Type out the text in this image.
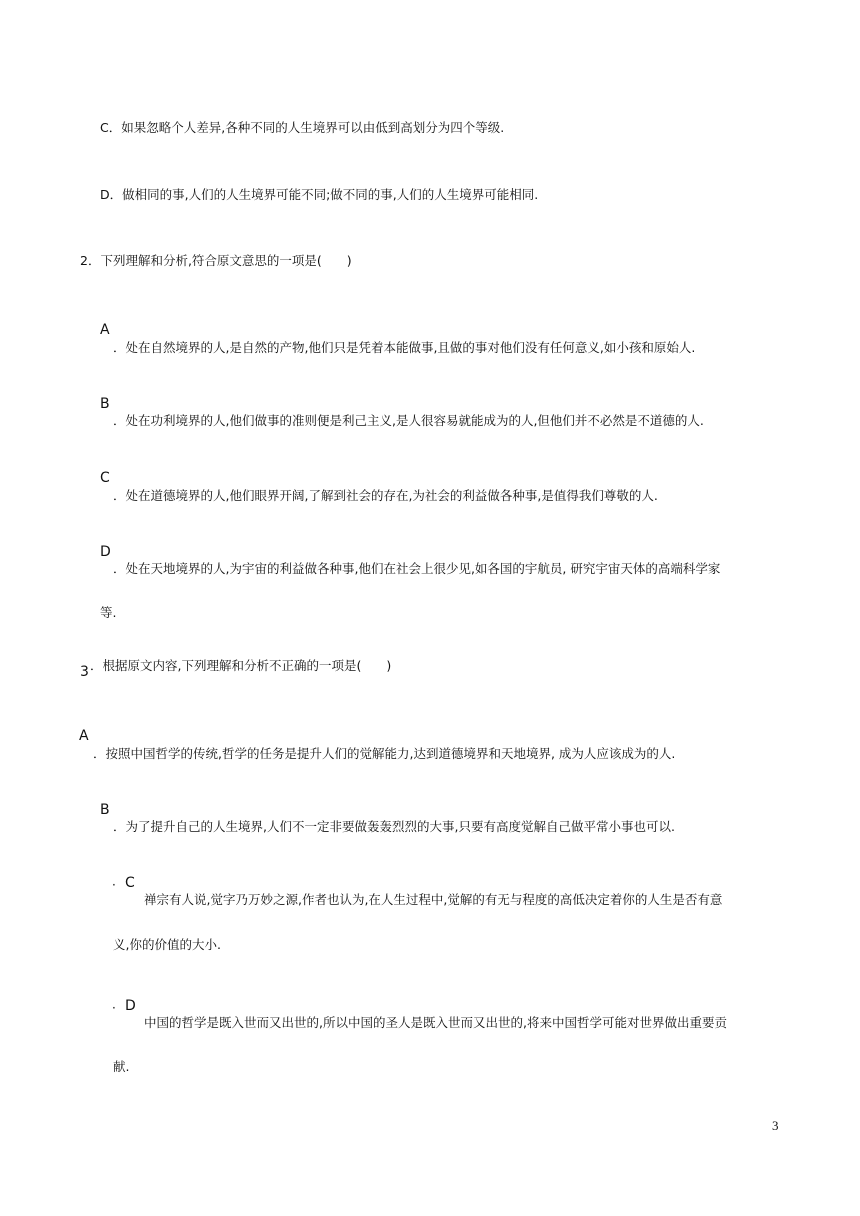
C．如果忽略个人差异,各种不同的人生境界可以由低到高划分为四个等级.
D．做相同的事,人们的人生境界可能不同;做不同的事,人们的人生境界可能相同.
2．下列理解和分析,符合原文意思的一项是(　　)
A
．处在自然境界的人,是自然的产物,他们只是凭着本能做事,且做的事对他们没有任何意义,如小孩和原始人.
B
．处在功利境界的人,他们做事的准则便是利己主义,是人很容易就能成为的人,但他们并不必然是不道德的人.
C
．处在道德境界的人,他们眼界开阔,了解到社会的存在,为社会的利益做各种事,是值得我们尊敬的人.
D
．处在天地境界的人,为宇宙的利益做各种事,他们在社会上很少见,如各国的宇航员, 研究宇宙天体的高端科学家
等.
3 ．根据原文内容,下列理解和分析不正确的一项是(　　)
A
．按照中国哲学的传统,哲学的任务是提升人们的觉解能力,达到道德境界和天地境界, 成为人应该成为的人.
B
．为了提升自己的人生境界,人们不一定非要做轰轰烈烈的大事,只要有高度觉解自己做平常小事也可以.
· C
禅宗有人说,觉字乃万妙之源,作者也认为,在人生过程中,觉解的有无与程度的高低决定着你的人生是否有意
义,你的价值的大小.
· D
中国的哲学是既入世而又出世的,所以中国的圣人是既入世而又出世的,将来中国哲学可能对世界做出重要贡
献.
3
